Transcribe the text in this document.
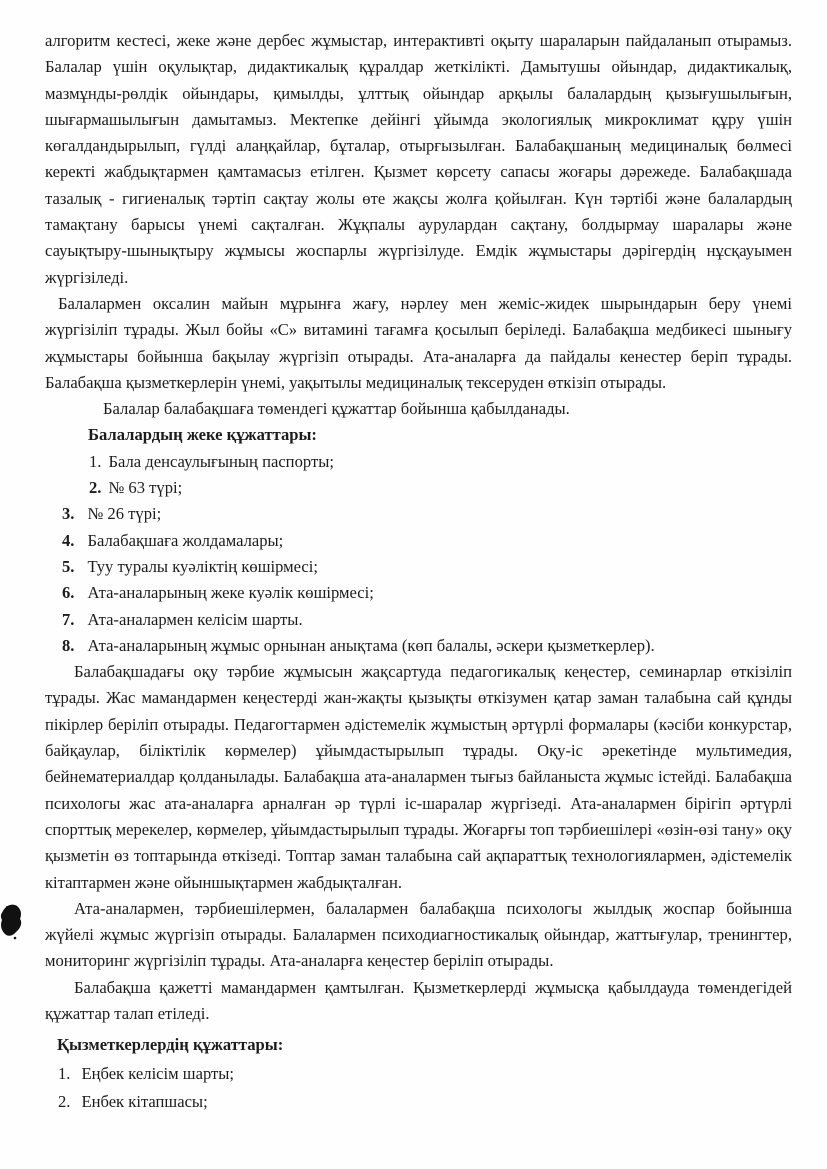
алгоритм кестесі, жеке және дербес жұмыстар, интерактивті оқыту шараларын пайдаланып отырамыз. Балалар үшін оқулықтар, дидактикалық құралдар жеткілікті. Дамытушы ойындар, дидактикалық, мазмұнды-рөлдік ойындары, қимылды, ұлттық ойындар арқылы балалардың қызығушылығын, шығармашылығын дамытамыз. Мектепке дейінгі ұйымда экологиялық микроклимат құру үшін көгалдандырылып, гүлді алаңқайлар, бұталар, отырғызылған. Балабақшаның медициналық бөлмесі керекті жабдықтармен қамтамасыз етілген. Қызмет көрсету сапасы жоғары дәрежеде. Балабақшада тазалық - гигиеналық тәртіп сақтау жолы өте жақсы жолға қойылған. Күн тәртібі және балалардың тамақтану барысы үнемі сақталған. Жұқпалы аурулардан сақтану, болдырмау шаралары және сауықтыру-шынықтыру жұмысы жоспарлы жүргізілуде. Емдік жұмыстары дәрігердің нұсқауымен жүргізіледі.

Балалармен оксалин майын мұрынға жағу, нәрлеу мен жеміс-жидек шырындарын беру үнемі жүргізіліп тұрады. Жыл бойы «С» витамині тағамға қосылып беріледі. Балабақша медбикесі шынығу жұмыстары бойынша бақылау жүргізіп отырады. Ата-аналарға да пайдалы кенестер беріп тұрады. Балабақша қызметкерлерін үнемі, уақытылы медициналық тексеруден өткізіп отырады.

Балалар балабақшаға төмендегі құжаттар бойынша қабылданады.

Балалардың жеке құжаттары:

1. Бала денсаулығының паспорты;

2. № 63 түрі;

3. № 26 түрі;

4. Балабақшаға жолдамалары;

5. Туу туралы куәліктің көшірмесі;

6. Ата-аналарының жеке куәлік көшірмесі;

7. Ата-аналармен келісім шарты.

8. Ата-аналарының жұмыс орнынан анықтама (көп балалы, әскери қызметкерлер).

Балабақшадағы оқу тәрбие жұмысын жақсартуда педагогикалық кеңестер, семинарлар өткізіліп тұрады. Жас мамандармен кеңестерді жан-жақты қызықты өткізумен қатар заман талабына сай құнды пікірлер беріліп отырады. Педагогтармен әдістемелік жұмыстың әртүрлі формалары (кәсіби конкурстар, байқаулар, біліктілік көрмелер) ұйымдастырылып тұрады. Оқу-іс әрекетінде мультимедия, бейнематериалдар қолданылады. Балабақша ата-аналармен тығыз байланыста жұмыс істейді. Балабақша психологы жас ата-аналарға арналған әр түрлі іс-шаралар жүргізеді. Ата-аналармен бірігіп әртүрлі спорттық мерекелер, көрмелер, ұйымдастырылып тұрады. Жоғарғы топ тәрбиешілері «өзін-өзі тану» оқу қызметін өз топтарында өткізеді. Топтар заман талабына сай ақпараттық технологиялармен, әдістемелік кітаптармен және ойыншықтармен жабдықталған.

Ата-аналармен, тәрбиешілермен, балалармен балабақша психологы жылдық жоспар бойынша жүйелі жұмыс жүргізіп отырады. Балалармен психодиагностикалық ойындар, жаттығулар, тренингтер, мониторинг жүргізіліп тұрады. Ата-аналарға кеңестер беріліп отырады.

Балабақша қажетті мамандармен қамтылған. Қызметкерлерді жұмысқа қабылдауда төмендегідей құжаттар талап етіледі.

Қызметкерлердің құжаттары:

1. Еңбек келісім шарты;

2. Енбек кітапшасы;
